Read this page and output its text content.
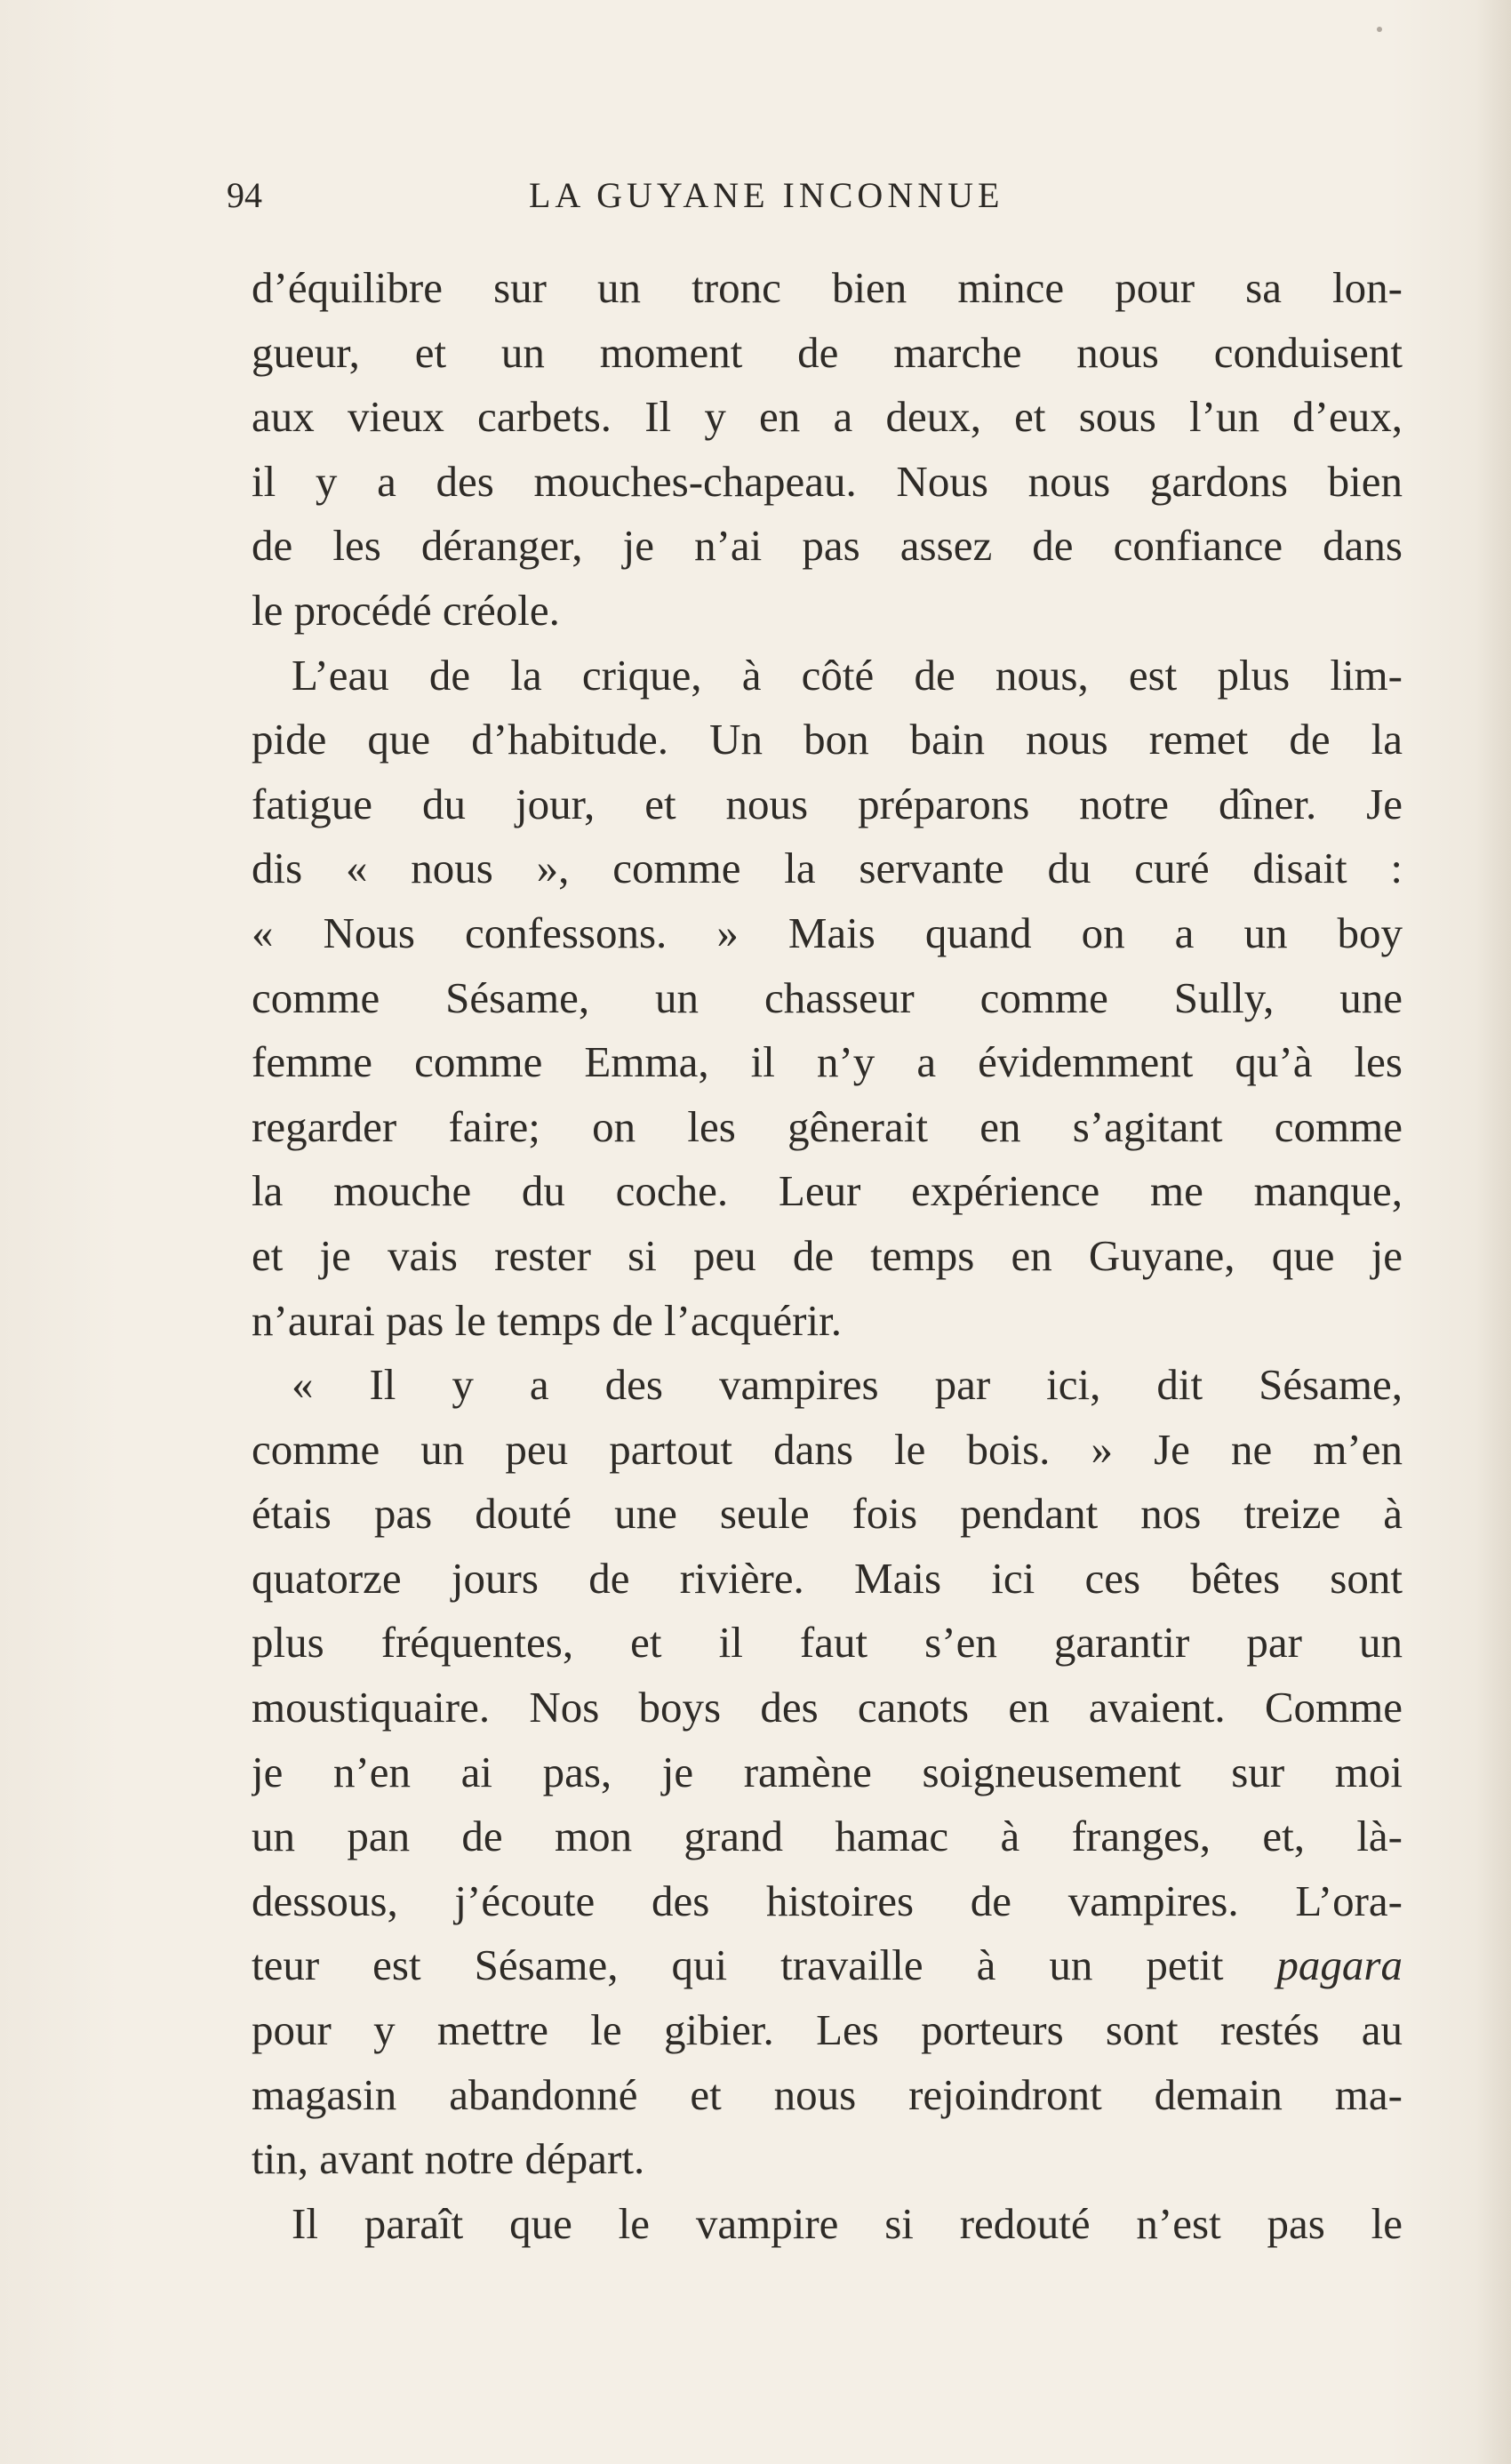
94	LA GUYANE INCONNUE
d’équilibre sur un tronc bien mince pour sa lon-
gueur, et un moment de marche nous conduisent
aux vieux carbets. Il y en a deux, et sous l’un d’eux,
il y a des mouches-chapeau. Nous nous gardons bien
de les déranger, je n’ai pas assez de confiance dans
le procédé créole.
L’eau de la crique, à côté de nous, est plus lim-
pide que d’habitude. Un bon bain nous remet de la
fatigue du jour, et nous préparons notre dîner. Je
dis « nous », comme la servante du curé disait :
« Nous confessons. » Mais quand on a un boy
comme Sésame, un chasseur comme Sully, une
femme comme Emma, il n’y a évidemment qu’à les
regarder faire; on les gênerait en s’agitant comme
la mouche du coche. Leur expérience me manque,
et je vais rester si peu de temps en Guyane, que je
n’aurai pas le temps de l’acquérir.
« Il y a des vampires par ici, dit Sésame,
comme un peu partout dans le bois. » Je ne m’en
étais pas douté une seule fois pendant nos treize à
quatorze jours de rivière. Mais ici ces bêtes sont
plus fréquentes, et il faut s’en garantir par un
moustiquaire. Nos boys des canots en avaient. Comme
je n’en ai pas, je ramène soigneusement sur moi
un pan de mon grand hamac à franges, et, là-
dessous, j’écoute des histoires de vampires. L’ora-
teur est Sésame, qui travaille à un petit pagara
pour y mettre le gibier. Les porteurs sont restés au
magasin abandonné et nous rejoindront demain ma-
tin, avant notre départ.
Il paraît que le vampire si redouté n’est pas le
